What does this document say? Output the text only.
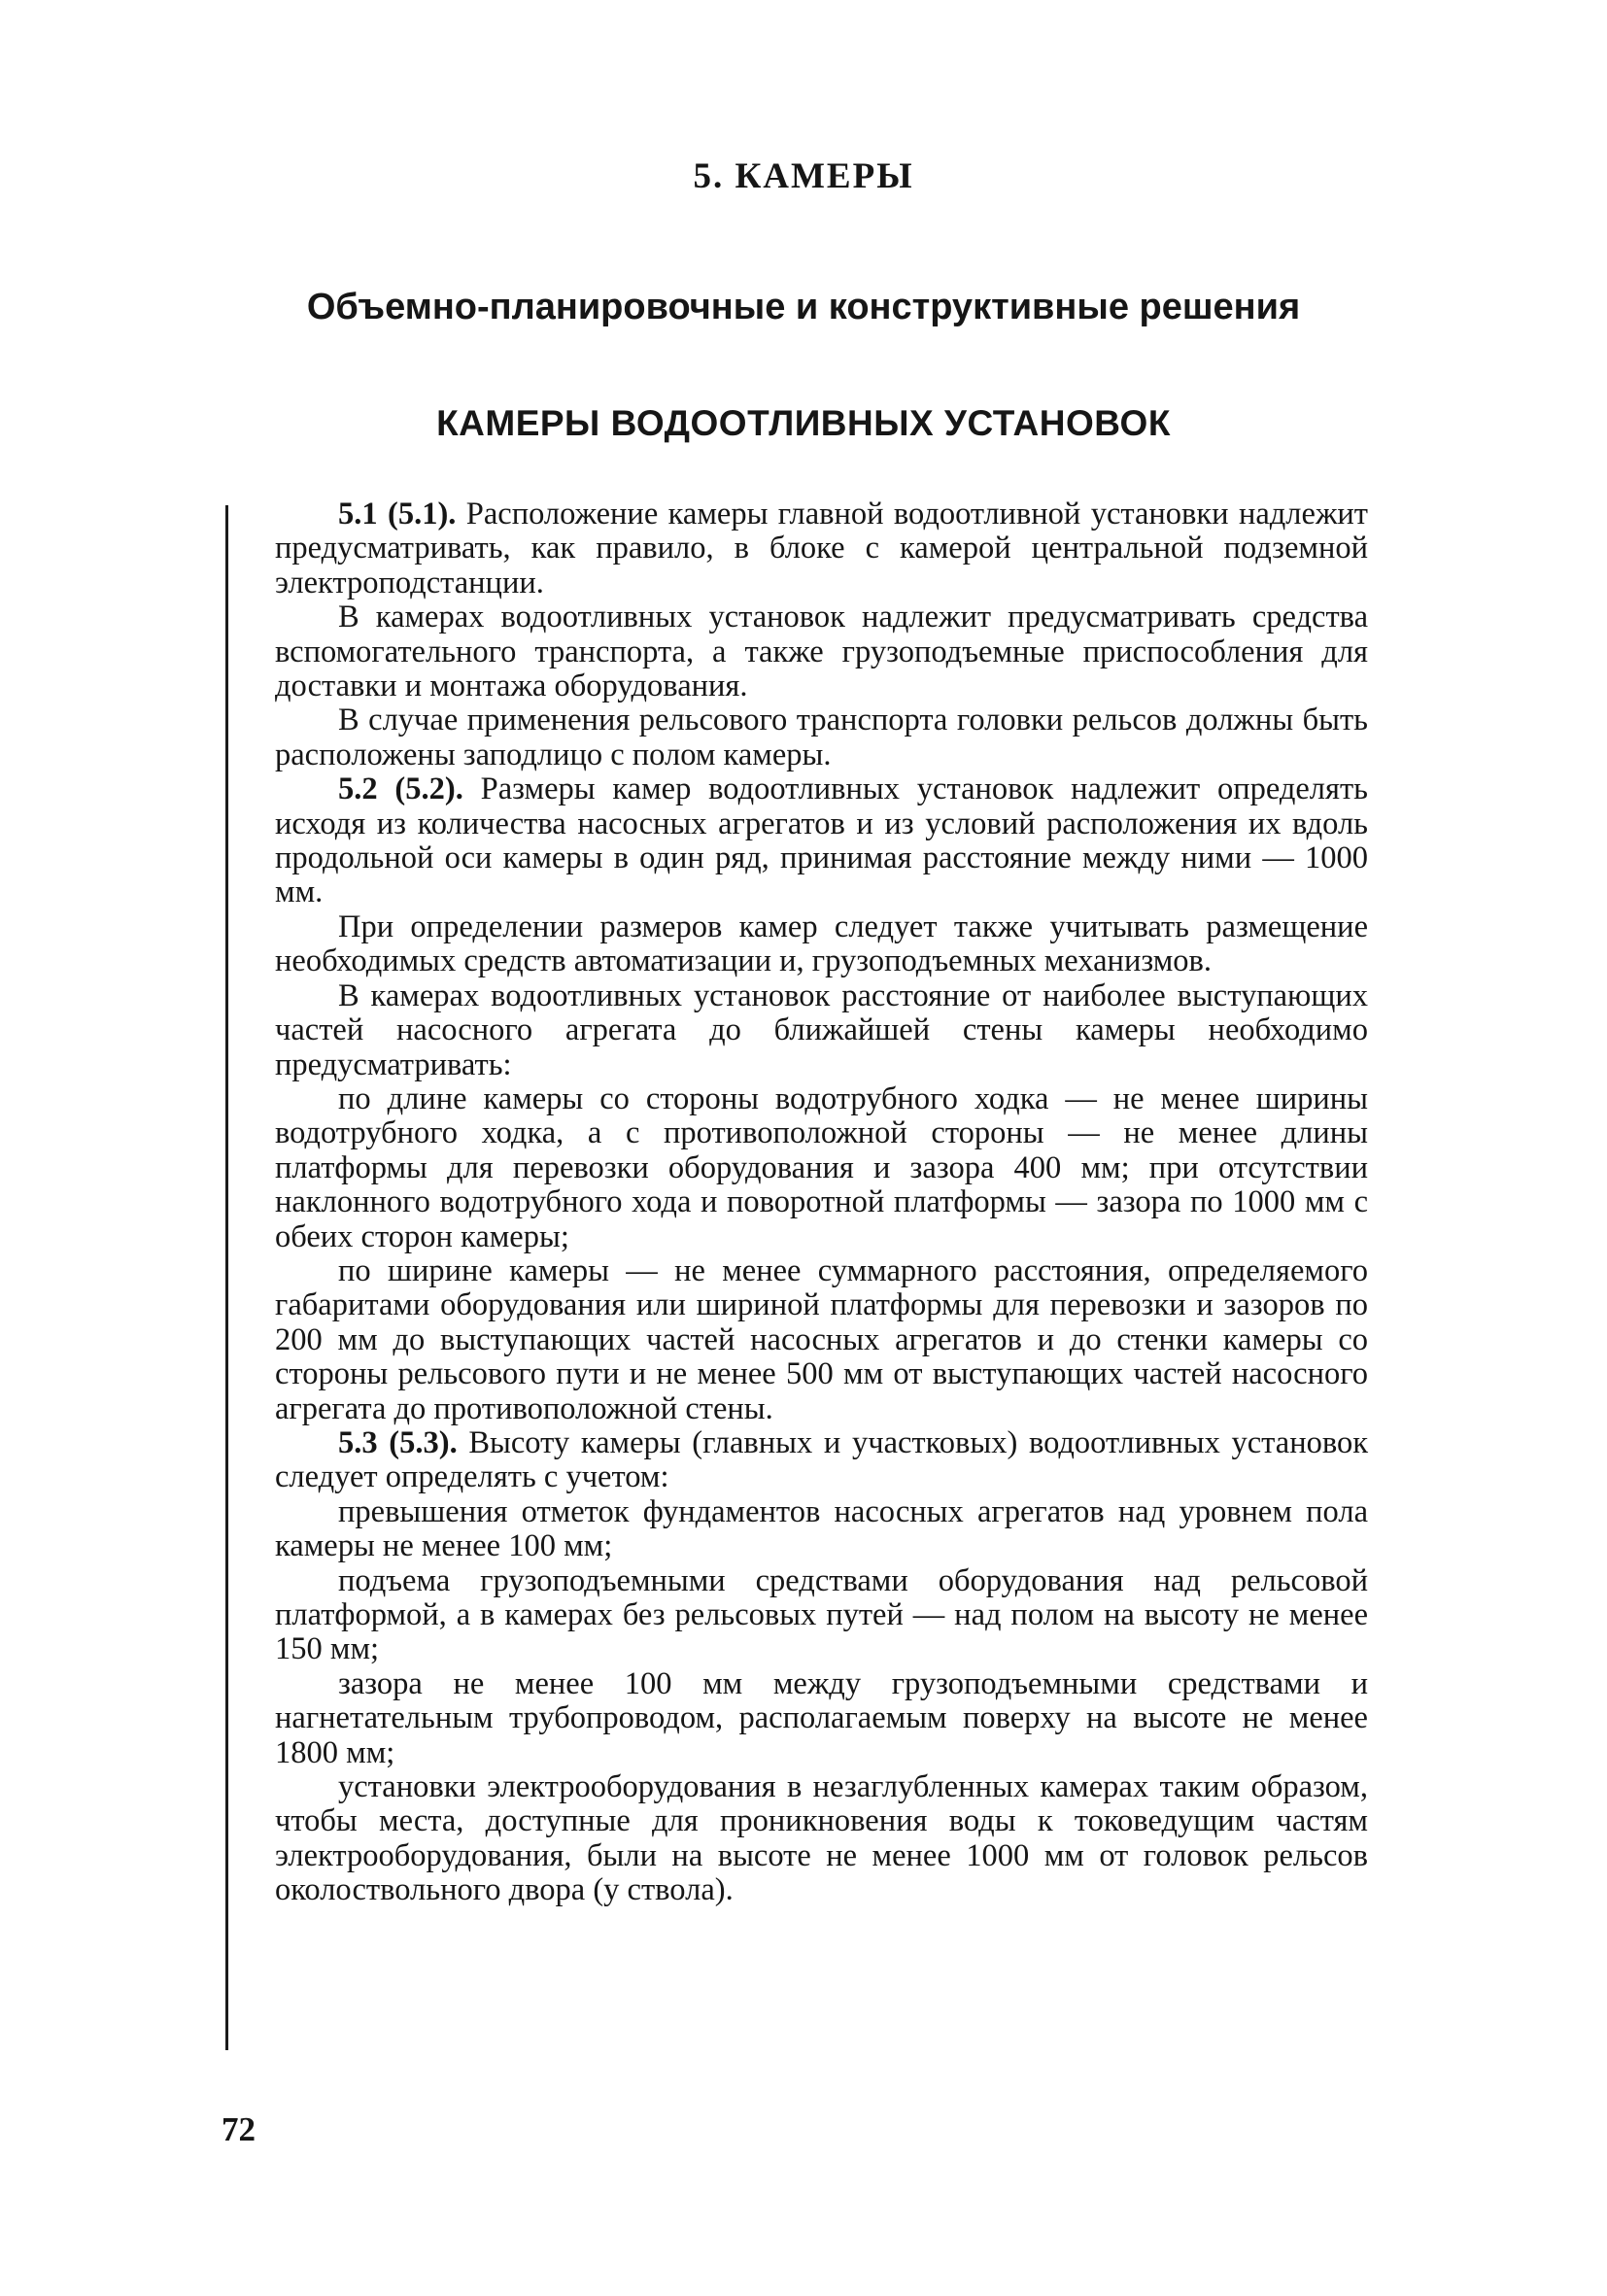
5. КАМЕРЫ
Объемно-планировочные и конструктивные решения
КАМЕРЫ ВОДООТЛИВНЫХ УСТАНОВОК

5.1 (5.1). Расположение камеры главной водоотливной установки надлежит предусматривать, как правило, в блоке с камерой центральной подземной электроподстанции.

В камерах водоотливных установок надлежит предусматривать средства вспомогательного транспорта, а также грузоподъемные приспособления для доставки и монтажа оборудования.

В случае применения рельсового транспорта головки рельсов должны быть расположены заподлицо с полом камеры.

5.2 (5.2). Размеры камер водоотливных установок надлежит определять исходя из количества насосных агрегатов и из условий расположения их вдоль продольной оси камеры в один ряд, принимая расстояние между ними — 1000 мм.

При определении размеров камер следует также учитывать размещение необходимых средств автоматизации и, грузоподъемных механизмов.

В камерах водоотливных установок расстояние от наиболее выступающих частей насосного агрегата до ближайшей стены камеры необходимо предусматривать:

по длине камеры со стороны водотрубного ходка — не менее ширины водотрубного ходка, а с противоположной стороны — не менее длины платформы для перевозки оборудования и зазора 400 мм; при отсутствии наклонного водотрубного хода и поворотной платформы — зазора по 1000 мм с обеих сторон камеры;

по ширине камеры — не менее суммарного расстояния, определяемого габаритами оборудования или шириной платформы для перевозки и зазоров по 200 мм до выступающих частей насосных агрегатов и до стенки камеры со стороны рельсового пути и не менее 500 мм от выступающих частей насосного агрегата до противоположной стены.

5.3 (5.3). Высоту камеры (главных и участковых) водоотливных установок следует определять с учетом:

превышения отметок фундаментов насосных агрегатов над уровнем пола камеры не менее 100 мм;

подъема грузоподъемными средствами оборудования над рельсовой платформой, а в камерах без рельсовых путей — над полом на высоту не менее 150 мм;

зазора не менее 100 мм между грузоподъемными средствами и нагнетательным трубопроводом, располагаемым поверху на высоте не менее 1800 мм;

установки электрооборудования в незаглубленных камерах таким образом, чтобы места, доступные для проникновения воды к токоведущим частям электрооборудования, были на высоте не менее 1000 мм от головок рельсов околоствольного двора (у ствола).

72
